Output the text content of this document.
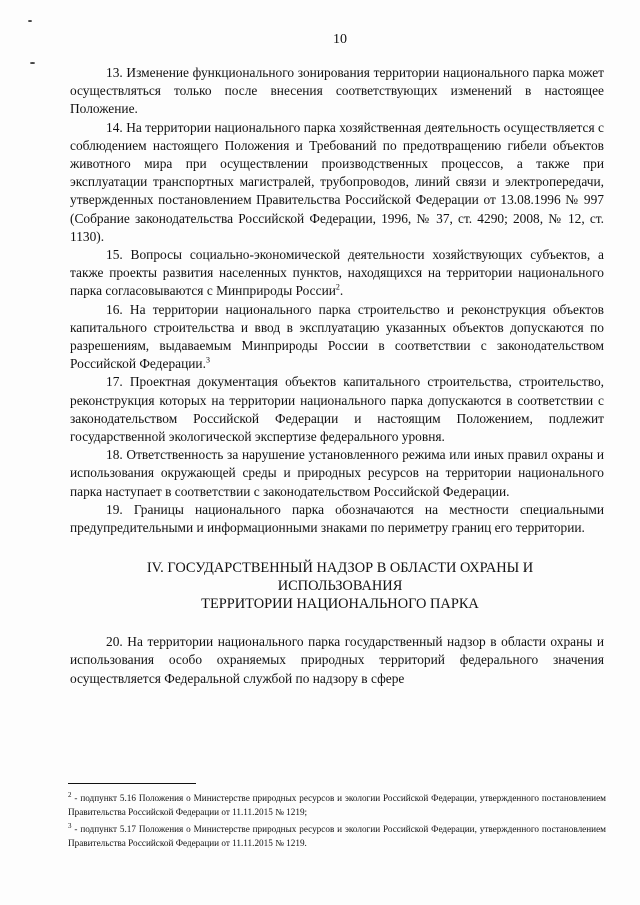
10

13. Изменение функционального зонирования территории национального парка может осуществляться только после внесения соответствующих изменений в настоящее Положение.

14. На территории национального парка хозяйственная деятельность осуществляется с соблюдением настоящего Положения и Требований по предотвращению гибели объектов животного мира при осуществлении производственных процессов, а также при эксплуатации транспортных магистралей, трубопроводов, линий связи и электропередачи, утвержденных постановлением Правительства Российской Федерации от 13.08.1996 № 997 (Собрание законодательства Российской Федерации, 1996, № 37, ст. 4290; 2008, № 12, ст. 1130).

15. Вопросы социально-экономической деятельности хозяйствующих субъектов, а также проекты развития населенных пунктов, находящихся на территории национального парка согласовываются с Минприроды России$^2$.

16. На территории национального парка строительство и реконструкция объектов капитального строительства и ввод в эксплуатацию указанных объектов допускаются по разрешениям, выдаваемым Минприроды России в соответствии с законодательством Российской Федерации.$^3$

17. Проектная документация объектов капитального строительства, строительство, реконструкция которых на территории национального парка допускаются в соответствии с законодательством Российской Федерации и настоящим Положением, подлежит государственной экологической экспертизе федерального уровня.

18. Ответственность за нарушение установленного режима или иных правил охраны и использования окружающей среды и природных ресурсов на территории национального парка наступает в соответствии с законодательством Российской Федерации.

19. Границы национального парка обозначаются на местности специальными предупредительными и информационными знаками по периметру границ его территории.

IV. ГОСУДАРСТВЕННЫЙ НАДЗОР В ОБЛАСТИ ОХРАНЫ И
ИСПОЛЬЗОВАНИЯ
ТЕРРИТОРИИ НАЦИОНАЛЬНОГО ПАРКА

20. На территории национального парка государственный надзор в области охраны и использования особо охраняемых природных территорий федерального значения осуществляется Федеральной службой по надзору в сфере

$^2$ - подпункт 5.16 Положения о Министерстве природных ресурсов и экологии Российской Федерации, утвержденного постановлением Правительства Российской Федерации от 11.11.2015 № 1219;

$^3$ - подпункт 5.17 Положения о Министерстве природных ресурсов и экологии Российской Федерации, утвержденного постановлением Правительства Российской Федерации от 11.11.2015 № 1219.
